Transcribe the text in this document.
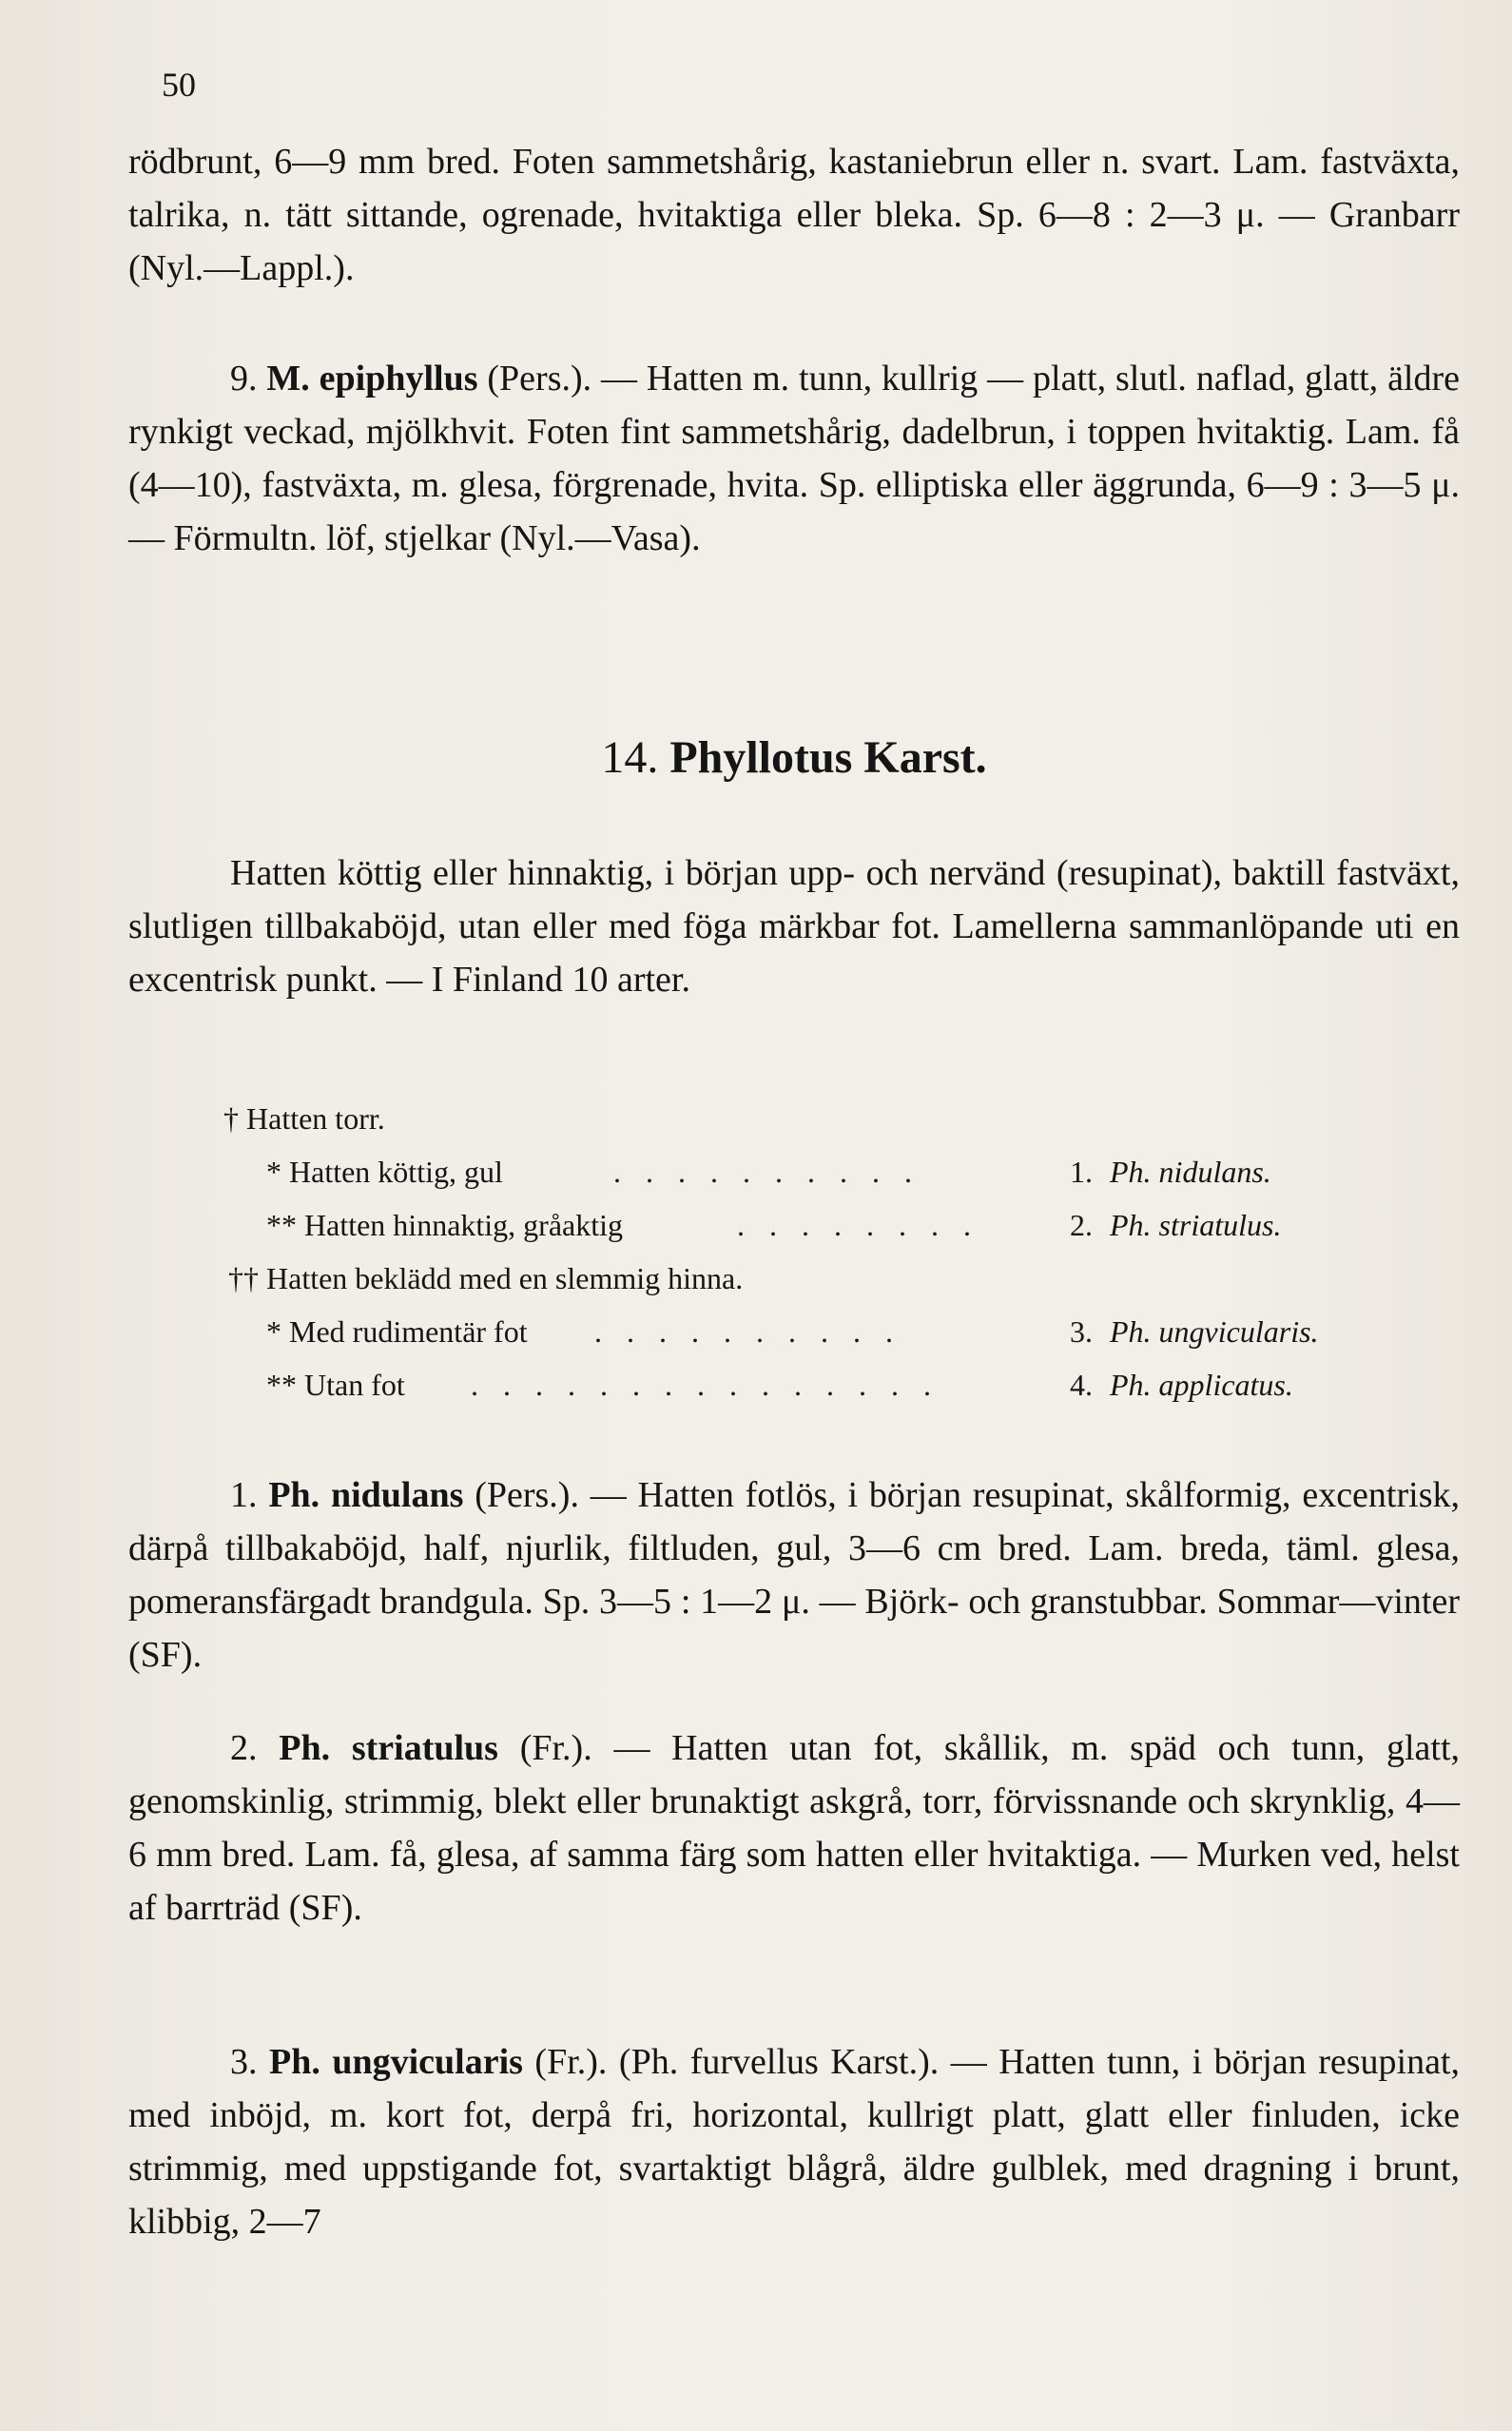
50

rödbrunt, 6—9 mm bred. Foten sammetshårig, kastaniebrun eller n. svart. Lam. fastväxta, talrika, n. tätt sittande, ogrenade, hvitaktiga eller bleka. Sp. 6—8 : 2—3 μ. — Granbarr (Nyl.—Lappl.).

9. M. epiphyllus (Pers.). — Hatten m. tunn, kullrig — platt, slutl. naflad, glatt, äldre rynkigt veckad, mjölkhvit. Foten fint sammetshårig, dadelbrun, i toppen hvitaktig. Lam. få (4—10), fastväxta, m. glesa, förgrenade, hvita. Sp. elliptiska eller äggrunda, 6—9 : 3—5 μ. — Förmultn. löf, stjelkar (Nyl.—Vasa).

14. Phyllotus Karst.

Hatten köttig eller hinnaktig, i början upp- och nervänd (resupinat), baktill fastväxt, slutligen tillbakaböjd, utan eller med föga märkbar fot. Lamellerna sammanlöpande uti en excentrisk punkt. — I Finland 10 arter.

† Hatten torr.
* Hatten köttig, gul	. . . . . . . . . .	1. Ph. nidulans.
** Hatten hinnaktig, gråaktig	. . . . . . . .	2. Ph. striatulus.
†† Hatten beklädd med en slemmig hinna.
* Med rudimentär fot . . . . . . . . . .	3. Ph. ungvicularis.
** Utan fot . . . . . . . . . . . . . . .	4. Ph. applicatus.

1. Ph. nidulans (Pers.). — Hatten fotlös, i början resupinat, skålformig, excentrisk, därpå tillbakaböjd, half, njurlik, filtluden, gul, 3—6 cm bred. Lam. breda, täml. glesa, pomeransfärgadt brandgula. Sp. 3—5 : 1—2 μ. — Björk- och granstubbar. Sommar—vinter (SF).

2. Ph. striatulus (Fr.). — Hatten utan fot, skållik, m. späd och tunn, glatt, genomskinlig, strimmig, blekt eller brunaktigt askgrå, torr, förvissnande och skrynklig, 4—6 mm bred. Lam. få, glesa, af samma färg som hatten eller hvitaktiga. — Murken ved, helst af barrträd (SF).

3. Ph. ungvicularis (Fr.). (Ph. furvellus Karst.). — Hatten tunn, i början resupinat, med inböjd, m. kort fot, derpå fri, horizontal, kullrigt platt, glatt eller finluden, icke strimmig, med uppstigande fot, svartaktigt blågrå, äldre gulblek, med dragning i brunt, klibbig, 2—7
